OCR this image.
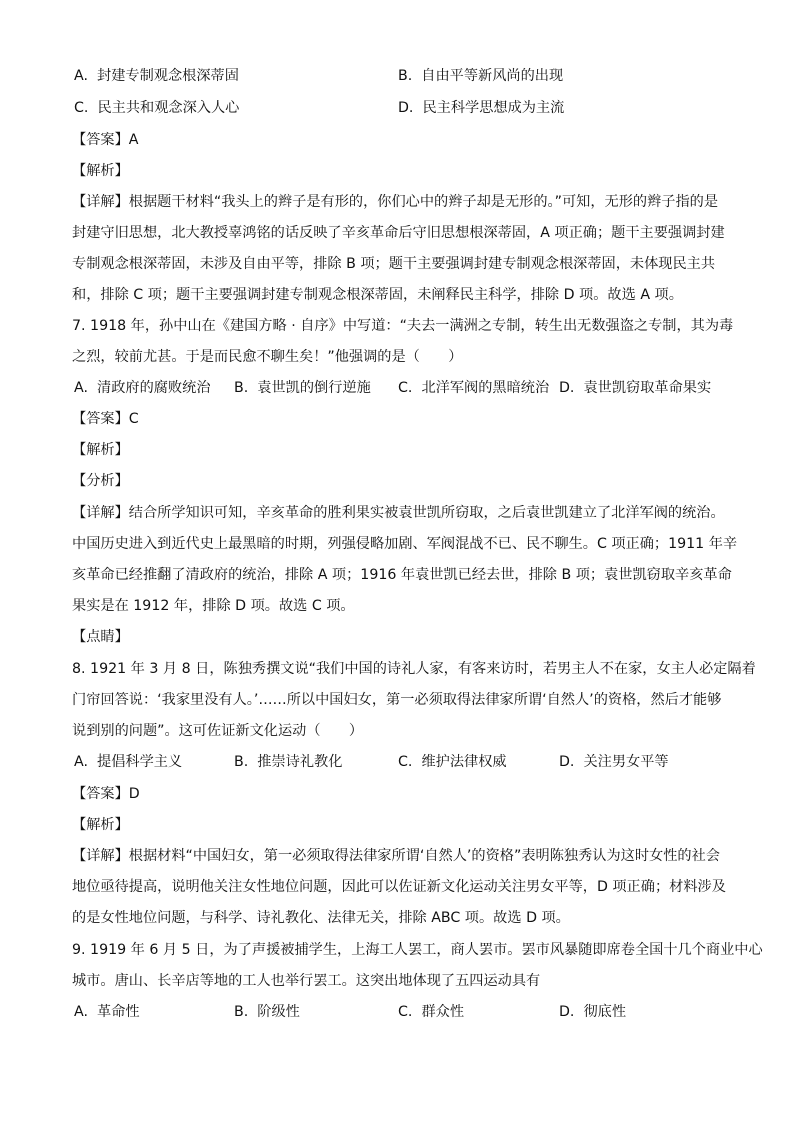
A. 封建专制观念根深蒂固	B. 自由平等新风尚的出现
C. 民主共和观念深入人心	D. 民主科学思想成为主流
【答案】A
【解析】
【详解】根据题干材料“我头上的辫子是有形的，你们心中的辫子却是无形的。”可知，无形的辫子指的是
封建守旧思想，北大教授辜鸿铭的话反映了辛亥革命后守旧思想根深蒂固，A 项正确；题干主要强调封建
专制观念根深蒂固，未涉及自由平等，排除 B 项；题干主要强调封建专制观念根深蒂固，未体现民主共
和，排除 C 项；题干主要强调封建专制观念根深蒂固，未阐释民主科学，排除 D 项。故选 A 项。
7. 1918 年，孙中山在《建国方略 · 自序》中写道：“夫去一满洲之专制，转生出无数强盗之专制，其为毒
之烈，较前尤甚。于是而民愈不聊生矣！”他强调的是（　　）
A. 清政府的腐败统治 B. 袁世凯的倒行逆施 C. 北洋军阀的黑暗统治 D. 袁世凯窃取革命果实
【答案】C
【解析】
【分析】
【详解】结合所学知识可知，辛亥革命的胜利果实被袁世凯所窃取，之后袁世凯建立了北洋军阀的统治。
中国历史进入到近代史上最黑暗的时期，列强侵略加剧、军阀混战不已、民不聊生。C 项正确；1911 年辛
亥革命已经推翻了清政府的统治，排除 A 项；1916 年袁世凯已经去世，排除 B 项；袁世凯窃取辛亥革命
果实是在 1912 年，排除 D 项。故选 C 项。
【点睛】
8. 1921 年 3 月 8 日，陈独秀撰文说“我们中国的诗礼人家，有客来访时，若男主人不在家，女主人必定隔着
门帘回答说：‘我家里没有人。’……所以中国妇女，第一必须取得法律家所谓‘自然人’的资格，然后才能够
说到别的问题”。这可佐证新文化运动（　　）
A. 提倡科学主义	B. 推崇诗礼教化	C. 维护法律权威	D. 关注男女平等
【答案】D
【解析】
【详解】根据材料“中国妇女，第一必须取得法律家所谓‘自然人’的资格”表明陈独秀认为这时女性的社会
地位亟待提高，说明他关注女性地位问题，因此可以佐证新文化运动关注男女平等，D 项正确；材料涉及
的是女性地位问题，与科学、诗礼教化、法律无关，排除 ABC 项。故选 D 项。
9. 1919 年 6 月 5 日，为了声援被捕学生，上海工人罢工，商人罢市。罢市风暴随即席卷全国十几个商业中心
城市。唐山、长辛店等地的工人也举行罢工。这突出地体现了五四运动具有
A. 革命性	B. 阶级性	C. 群众性	D. 彻底性
